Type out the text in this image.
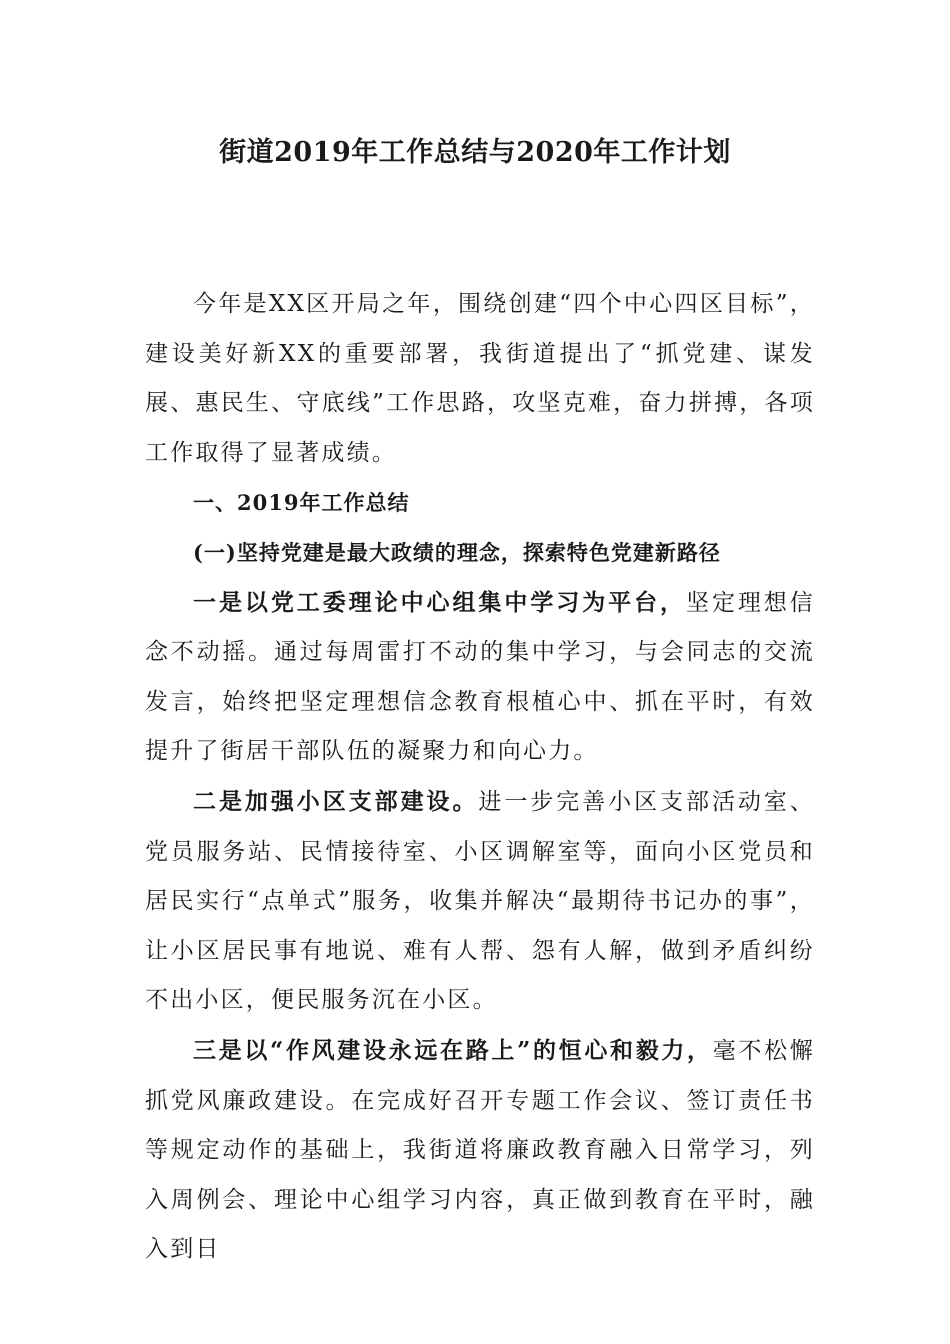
街道2019年工作总结与2020年工作计划

今年是XX区开局之年，围绕创建“四个中心四区目标”，建设美好新XX的重要部署，我街道提出了“抓党建、谋发展、惠民生、守底线”工作思路，攻坚克难，奋力拼搏，各项工作取得了显著成绩。

一、2019年工作总结

(一)坚持党建是最大政绩的理念，探索特色党建新路径

一是以党工委理论中心组集中学习为平台，坚定理想信念不动摇。通过每周雷打不动的集中学习，与会同志的交流发言，始终把坚定理想信念教育根植心中、抓在平时，有效提升了街居干部队伍的凝聚力和向心力。

二是加强小区支部建设。进一步完善小区支部活动室、党员服务站、民情接待室、小区调解室等，面向小区党员和居民实行“点单式”服务，收集并解决“最期待书记办的事”，让小区居民事有地说、难有人帮、怨有人解，做到矛盾纠纷不出小区，便民服务沉在小区。

三是以“作风建设永远在路上”的恒心和毅力，毫不松懈抓党风廉政建设。在完成好召开专题工作会议、签订责任书等规定动作的基础上，我街道将廉政教育融入日常学习，列入周例会、理论中心组学习内容，真正做到教育在平时，融入到日
